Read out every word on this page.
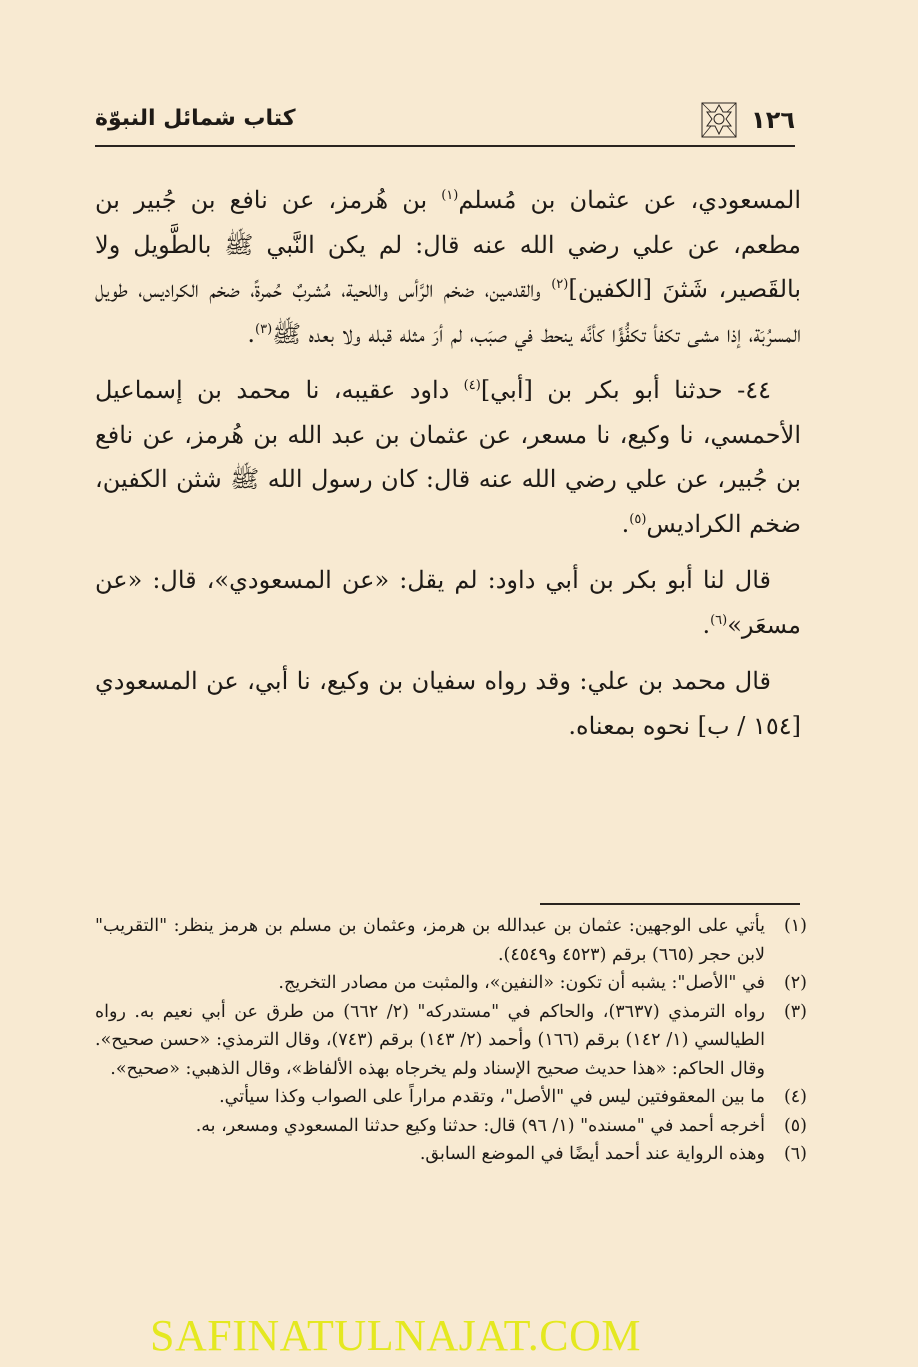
١٢٦
كتاب شمائل النبوّة

المسعودي، عن عثمان بن مُسلم$^{(١)}$ بن هُرمز، عن نافع بن جُبير بن مطعم، عن علي رضي الله عنه قال: لم يكن النَّبي ﷺ بالطَّويل ولا بالقَصير، شَثنَ [الكفين]$^{(٢)}$ والقدمين، ضخم الرَّأس واللحية، مُشربٌ حُمرةً، ضخم الكراديس، طويل المسرُبَة، إذا مشى تكفأ تكفُّؤًا كأنَّه ينحط في صبَب، لم أرَ مثله قبله ولا بعده ﷺ$^{(٣)}$.

٤٤- حدثنا أبو بكر بن [أبي]$^{(٤)}$ داود عقيبه، نا محمد بن إسماعيل الأحمسي، نا وكيع، نا مسعر، عن عثمان بن عبد الله بن هُرمز، عن نافع بن جُبير، عن علي رضي الله عنه قال: كان رسول الله ﷺ شثن الكفين، ضخم الكراديس$^{(٥)}$.

قال لنا أبو بكر بن أبي داود: لم يقل: «عن المسعودي»، قال: «عن مسعَر»$^{(٦)}$.

قال محمد بن علي: وقد رواه سفيان بن وكيع، نا أبي، عن المسعودي [١٥٤ / ب] نحوه بمعناه.

(١)
يأتي على الوجهين: عثمان بن عبدالله بن هرمز، وعثمان بن مسلم بن هرمز ينظر: "التقريب" لابن حجر (٦٦٥) برقم (٤٥٢٣ و٤٥٤٩).
(٢)
في "الأصل": يشبه أن تكون: «النفين»، والمثبت من مصادر التخريج.
(٣)
رواه الترمذي (٣٦٣٧)، والحاكم في "مستدركه" (٢/ ٦٦٢) من طرق عن أبي نعيم به. رواه الطيالسي (١/ ١٤٢) برقم (١٦٦) وأحمد (٢/ ١٤٣) برقم (٧٤٣)، وقال الترمذي: «حسن صحيح». وقال الحاكم: «هذا حديث صحيح الإسناد ولم يخرجاه بهذه الألفاظ»، وقال الذهبي: «صحيح».
(٤)
ما بين المعقوفتين ليس في "الأصل"، وتقدم مراراً على الصواب وكذا سيأتي.
(٥)
أخرجه أحمد في "مسنده" (١/ ٩٦) قال: حدثنا وكيع حدثنا المسعودي ومسعر، به.
(٦)
وهذه الرواية عند أحمد أيضًا في الموضع السابق.
SAFINATULNAJAT.COM
